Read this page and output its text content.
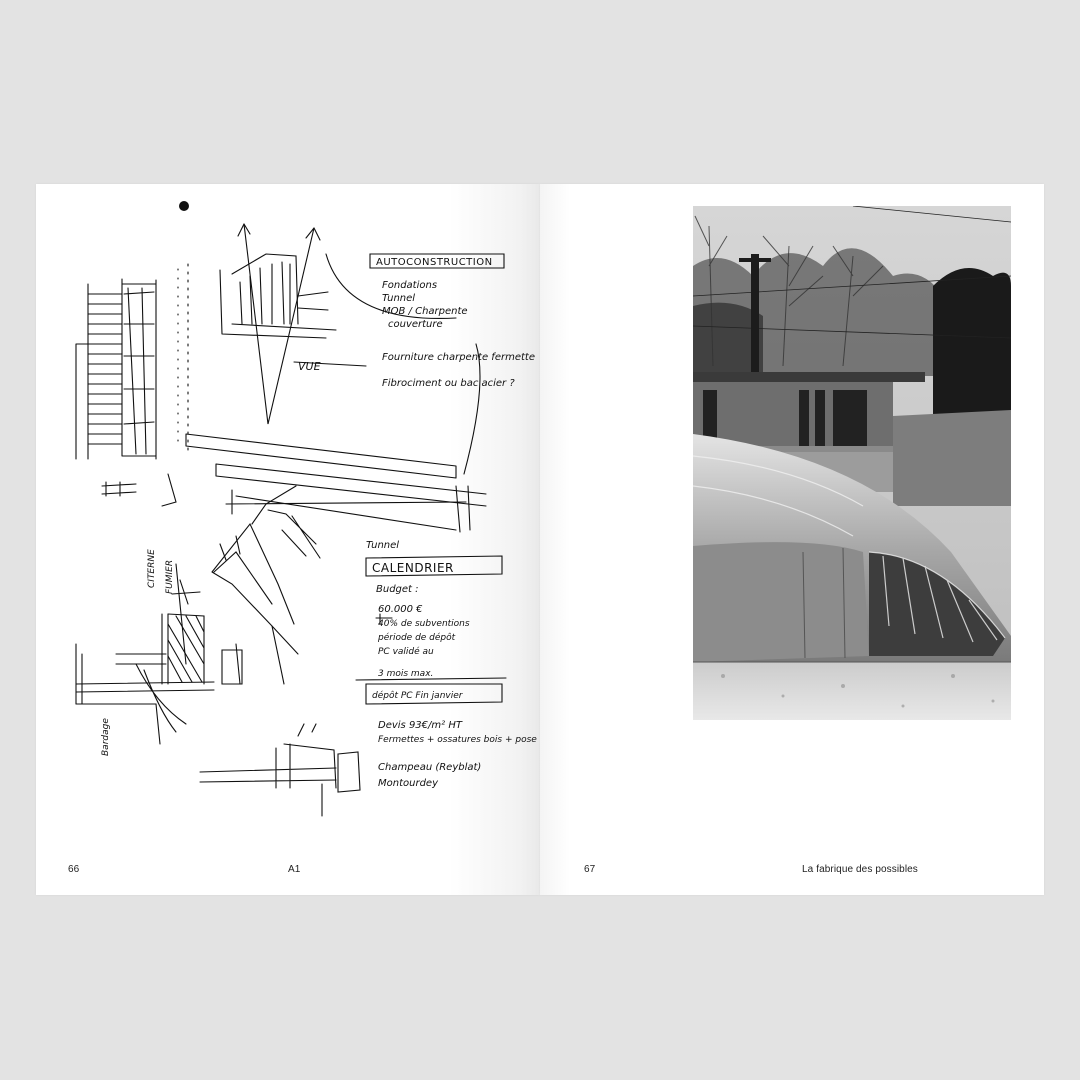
AUTOCONSTRUCTION
Fondations
Tunnel
MOB / Charpente
couverture
VUE
Fourniture charpente fermette
Fibrociment ou bac acier ?
Tunnel
CALENDRIER
Budget :
60.000 €
40% de subventions
période de dépôt
PC validé au
3 mois max.
dépôt PC Fin janvier
Devis 93€/m² HT
Fermettes + ossatures bois + pose
Champeau (Reyblat)
Montourdey
CITERNE FUMIER
Bardage
66	A1	67	La fabrique des possibles
